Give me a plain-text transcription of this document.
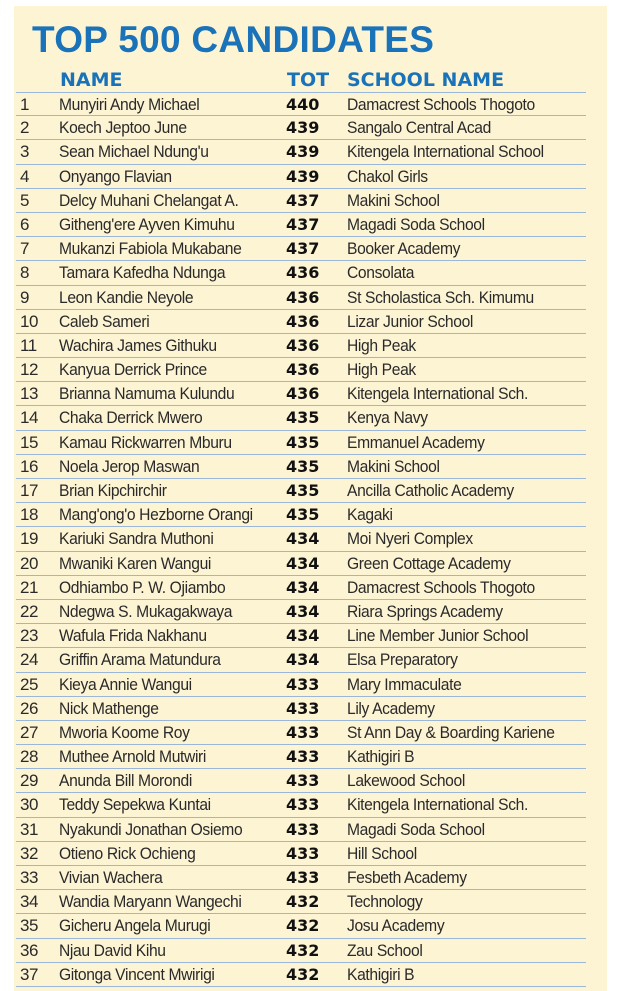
TOP 500 CANDIDATES
NAME	TOT SCHOOL NAME
1 Munyiri Andy Michael	440 Damacrest Schools Thogoto
2 Koech Jeptoo June	439 Sangalo Central Acad
3 Sean Michael Ndung'u	439 Kitengela International School
4 Onyango Flavian	439 Chakol Girls
5 Delcy Muhani Chelangat A.	437 Makini School
6 Githeng'ere Ayven Kimuhu	437 Magadi Soda School
7 Mukanzi Fabiola Mukabane	437 Booker Academy
8 Tamara Kafedha Ndunga	436 Consolata
9 Leon Kandie Neyole	436 St Scholastica Sch. Kimumu
10 Caleb Sameri	436 Lizar Junior School
11 Wachira James Githuku	436 High Peak
12 Kanyua Derrick Prince	436 High Peak
13 Brianna Namuma Kulundu	436 Kitengela International Sch.
14 Chaka Derrick Mwero	435 Kenya Navy
15 Kamau Rickwarren Mburu	435 Emmanuel Academy
16 Noela Jerop Maswan	435 Makini School
17 Brian Kipchirchir	435 Ancilla Catholic Academy
18 Mang'ong'o Hezborne Orangi 435 Kagaki
19 Kariuki Sandra Muthoni	434 Moi Nyeri Complex
20 Mwaniki Karen Wangui	434 Green Cottage Academy
21 Odhiambo P. W. Ojiambo	434 Damacrest Schools Thogoto
22 Ndegwa S. Mukagakwaya	434 Riara Springs Academy
23 Wafula Frida Nakhanu	434 Line Member Junior School
24 Griffin Arama Matundura	434 Elsa Preparatory
25 Kieya Annie Wangui	433 Mary Immaculate
26 Nick Mathenge	433 Lily Academy
27 Mworia Koome Roy	433 St Ann Day & Boarding Kariene
28 Muthee Arnold Mutwiri	433 Kathigiri B
29 Anunda Bill Morondi	433 Lakewood School
30 Teddy Sepekwa Kuntai	433 Kitengela International Sch.
31 Nyakundi Jonathan Osiemo	433 Magadi Soda School
32 Otieno Rick Ochieng	433 Hill School
33 Vivian Wachera	433 Fesbeth Academy
34 Wandia Maryann Wangechi	432 Technology
35 Gicheru Angela Murugi	432 Josu Academy
36 Njau David Kihu	432 Zau School
37 Gitonga Vincent Mwirigi	432 Kathigiri B
